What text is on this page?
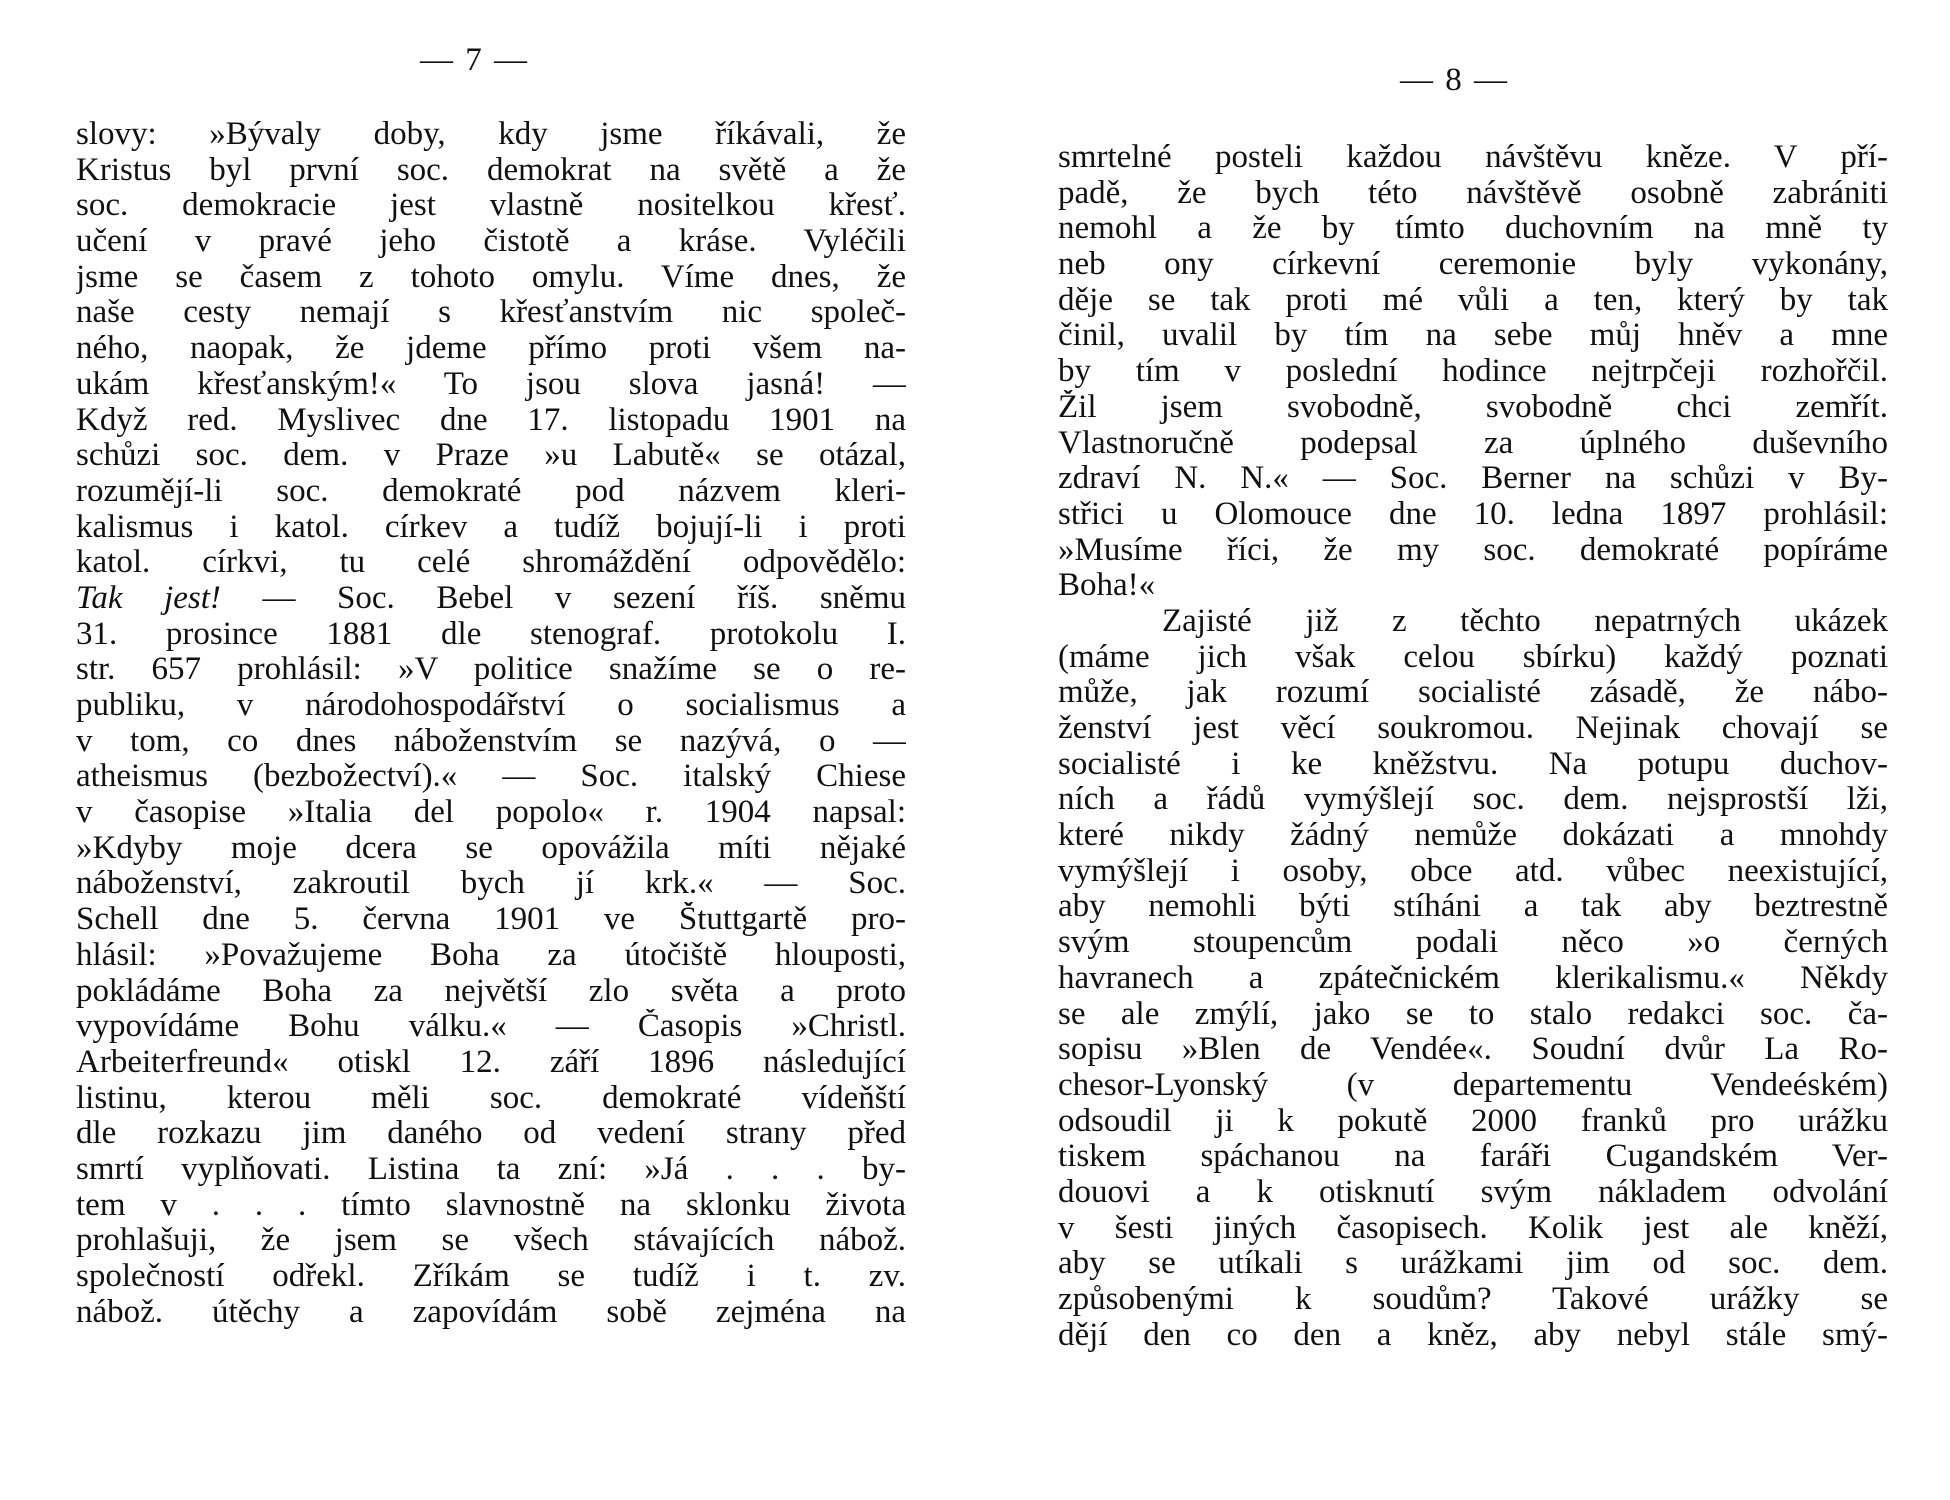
— 7 —
slovy: »Bývaly doby, kdy jsme říkávali, že
Kristus byl první soc. demokrat na světě a že
soc. demokracie jest vlastně nositelkou křesť.
učení v pravé jeho čistotě a kráse. Vyléčili
jsme se časem z tohoto omylu. Víme dnes, že
naše cesty nemají s křesťanstvím nic společ-
ného, naopak, že jdeme přímo proti všem na-
ukám křesťanským!« To jsou slova jasná! —
Když red. Myslivec dne 17. listopadu 1901 na
schůzi soc. dem. v Praze »u Labutě« se otázal,
rozumějí-li soc. demokraté pod názvem kleri-
kalismus i katol. církev a tudíž bojují-li i proti
katol. církvi, tu celé shromáždění odpovědělo:
Tak jest! — Soc. Bebel v sezení říš. sněmu
31. prosince 1881 dle stenograf. protokolu I.
str. 657 prohlásil: »V politice snažíme se o re-
publiku, v národohospodářství o socialismus a
v tom, co dnes náboženstvím se nazývá, o —
atheismus (bezbožectví).« — Soc. italský Chiese
v časopise »Italia del popolo« r. 1904 napsal:
»Kdyby moje dcera se opovážila míti nějaké
náboženství, zakroutil bych jí krk.« — Soc.
Schell dne 5. června 1901 ve Štuttgartě pro-
hlásil: »Považujeme Boha za útočiště hlouposti,
pokládáme Boha za největší zlo světa a proto
vypovídáme Bohu válku.« — Časopis »Christl.
Arbeiterfreund« otiskl 12. září 1896 následující
listinu, kterou měli soc. demokraté vídeňští
dle rozkazu jim daného od vedení strany před
smrtí vyplňovati. Listina ta zní: »Já . . . by-
tem v . . . tímto slavnostně na sklonku života
prohlašuji, že jsem se všech stávajících nábož.
společností odřekl. Zříkám se tudíž i t. zv.
nábož. útěchy a zapovídám sobě zejména na
— 8 —
smrtelné posteli každou návštěvu kněze. V pří-
padě, že bych této návštěvě osobně zabrániti
nemohl a že by tímto duchovním na mně ty
neb ony církevní ceremonie byly vykonány,
děje se tak proti mé vůli a ten, který by tak
činil, uvalil by tím na sebe můj hněv a mne
by tím v poslední hodince nejtrpčeji rozhořčil.
Žil jsem svobodně, svobodně chci zemřít.
Vlastnoručně podepsal za úplného duševního
zdraví N. N.« — Soc. Berner na schůzi v By-
střici u Olomouce dne 10. ledna 1897 prohlásil:
»Musíme říci, že my soc. demokraté popíráme
Boha!«
Zajisté již z těchto nepatrných ukázek
(máme jich však celou sbírku) každý poznati
může, jak rozumí socialisté zásadě, že nábo-
ženství jest věcí soukromou. Nejinak chovají se
socialisté i ke kněžstvu. Na potupu duchov-
ních a řádů vymýšlejí soc. dem. nejsprostší lži,
které nikdy žádný nemůže dokázati a mnohdy
vymýšlejí i osoby, obce atd. vůbec neexistující,
aby nemohli býti stíháni a tak aby beztrestně
svým stoupencům podali něco »o černých
havranech a zpátečnickém klerikalismu.« Někdy
se ale zmýlí, jako se to stalo redakci soc. ča-
sopisu »Blen de Vendée«. Soudní dvůr La Ro-
chesor-Lyonský (v departementu Vendeéském)
odsoudil ji k pokutě 2000 franků pro urážku
tiskem spáchanou na faráři Cugandském Ver-
douovi a k otisknutí svým nákladem odvolání
v šesti jiných časopisech. Kolik jest ale kněží,
aby se utíkali s urážkami jim od soc. dem.
způsobenými k soudům? Takové urážky se
dějí den co den a kněz, aby nebyl stále smý-
